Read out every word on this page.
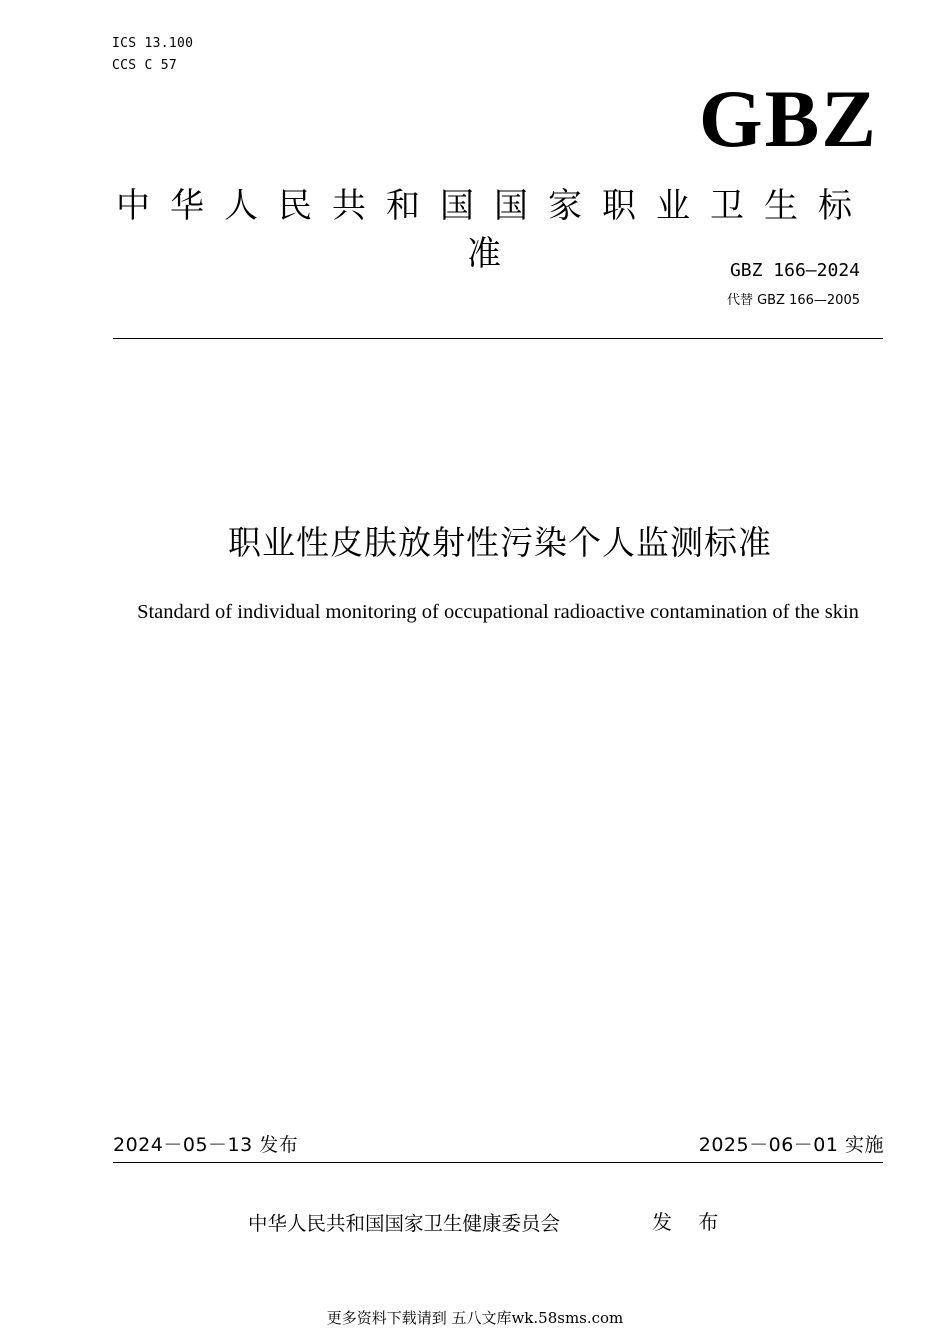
ICS 13.100

CCS C 57

GBZ
中华人民共和国国家职业卫生标准	GBZ 166—2024
代替 GBZ 166—2005
职业性皮肤放射性污染个人监测标准
Standard of individual monitoring of occupational radioactive contamination of the skin
2024－05－13 发布	2025－06－01 实施
中华人民共和国国家卫生健康委员会	发 布
更多资料下载请到 五八文库wk.58sms.com
